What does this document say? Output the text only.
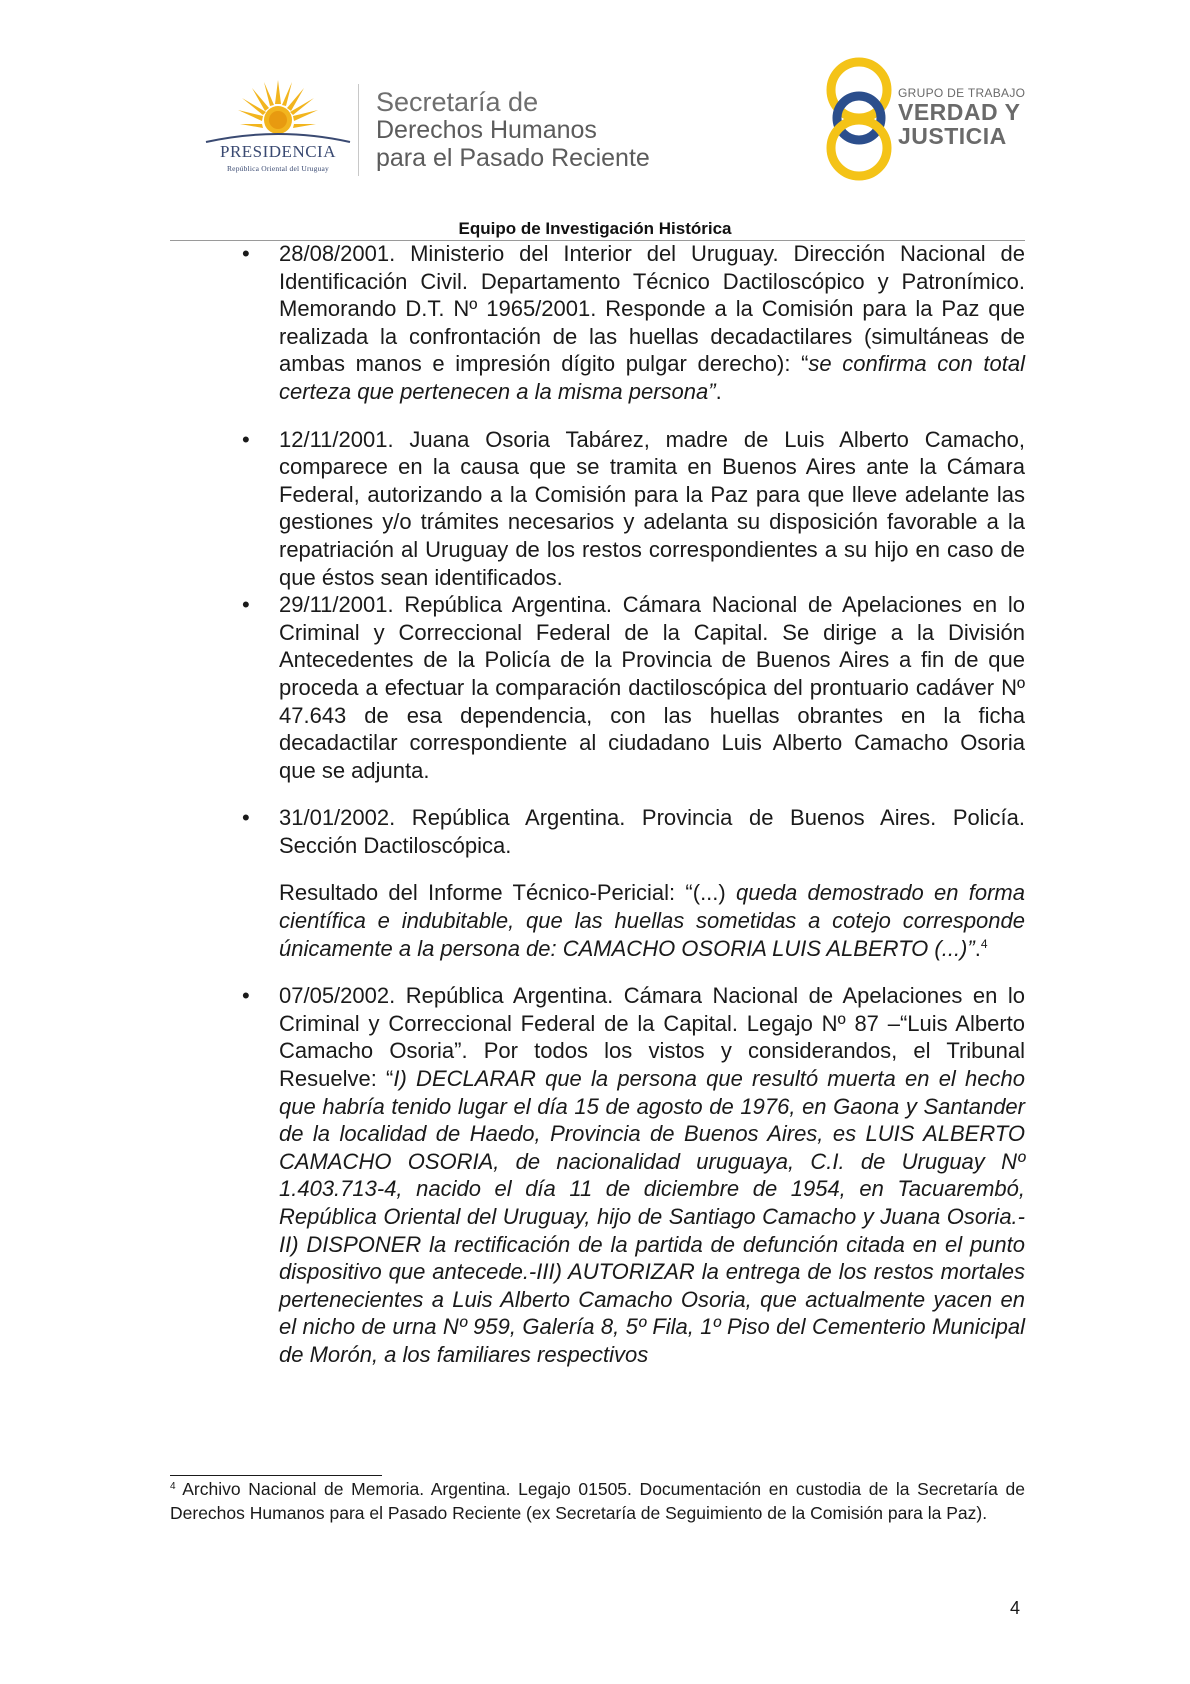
PRESIDENCIA
República Oriental del Uruguay
Secretaría de
Derechos Humanos
para el Pasado Reciente
GRUPO DE TRABAJO
VERDAD Y
JUSTICIA
Equipo de Investigación Histórica

• 28/08/2001. Ministerio del Interior del Uruguay. Dirección Nacional de Identificación Civil. Departamento Técnico Dactiloscópico y Patronímico. Memorando D.T. Nº 1965/2001. Responde a la Comisión para la Paz que realizada la confrontación de las huellas decadactilares (simultáneas de ambas manos e impresión dígito pulgar derecho): “se confirma con total certeza que pertenecen a la misma persona”.

• 12/11/2001. Juana Osoria Tabárez, madre de Luis Alberto Camacho, comparece en la causa que se tramita en Buenos Aires ante la Cámara Federal, autorizando a la Comisión para la Paz para que lleve adelante las gestiones y/o trámites necesarios y adelanta su disposición favorable a la repatriación al Uruguay de los restos correspondientes a su hijo en caso de que éstos sean identificados.

• 29/11/2001. República Argentina. Cámara Nacional de Apelaciones en lo Criminal y Correccional Federal de la Capital. Se dirige a la División Antecedentes de la Policía de la Provincia de Buenos Aires a fin de que proceda a efectuar la comparación dactiloscópica del prontuario cadáver Nº 47.643 de esa dependencia, con las huellas obrantes en la ficha decadactilar correspondiente al ciudadano Luis Alberto Camacho Osoria que se adjunta.

• 31/01/2002. República Argentina. Provincia de Buenos Aires. Policía. Sección Dactiloscópica.

Resultado del Informe Técnico-Pericial: “(...) queda demostrado en forma científica e indubitable, que las huellas sometidas a cotejo corresponde únicamente a la persona de: CAMACHO OSORIA LUIS ALBERTO (...)”.$^4$

• 07/05/2002. República Argentina. Cámara Nacional de Apelaciones en lo Criminal y Correccional Federal de la Capital. Legajo Nº 87 –“Luis Alberto Camacho Osoria”. Por todos los vistos y considerandos, el Tribunal Resuelve: “I) DECLARAR que la persona que resultó muerta en el hecho que habría tenido lugar el día 15 de agosto de 1976, en Gaona y Santander de la localidad de Haedo, Provincia de Buenos Aires, es LUIS ALBERTO CAMACHO OSORIA, de nacionalidad uruguaya, C.I. de Uruguay Nº 1.403.713-4, nacido el día 11 de diciembre de 1954, en Tacuarembó, República Oriental del Uruguay, hijo de Santiago Camacho y Juana Osoria.- II) DISPONER la rectificación de la partida de defunción citada en el punto dispositivo que antecede.-III) AUTORIZAR la entrega de los restos mortales pertenecientes a Luis Alberto Camacho Osoria, que actualmente yacen en el nicho de urna Nº 959, Galería 8, 5º Fila, 1º Piso del Cementerio Municipal de Morón, a los familiares respectivos

$^4$ Archivo Nacional de Memoria. Argentina. Legajo 01505. Documentación en custodia de la Secretaría de Derechos Humanos para el Pasado Reciente (ex Secretaría de Seguimiento de la Comisión para la Paz).
4
